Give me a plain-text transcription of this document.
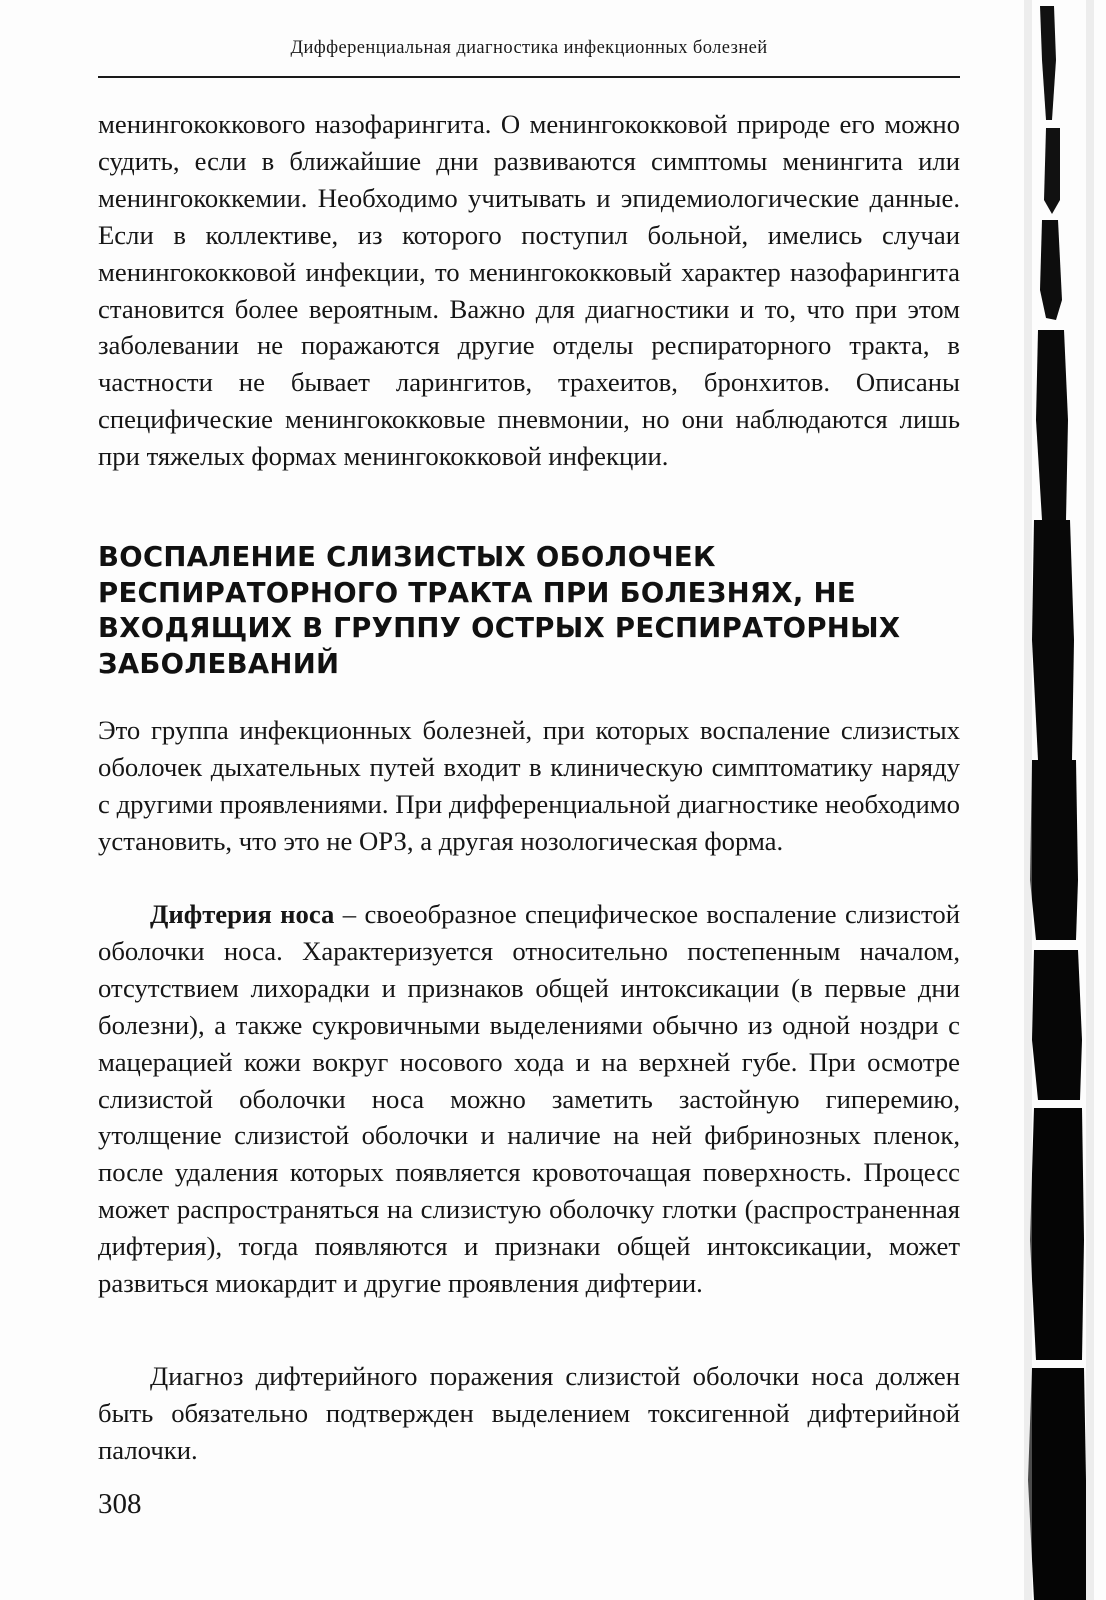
Дифференциальная диагностика инфекционных болезней

менингококкового назофарингита. О менингококковой природе его можно судить, если в ближайшие дни развиваются симптомы менингита или менингококкемии. Необходимо учитывать и эпидемиологические данные. Если в коллективе, из которого поступил больной, имелись случаи менингококковой инфекции, то менингококковый характер назофарингита становится более вероятным. Важно для диагностики и то, что при этом заболевании не поражаются другие отделы респираторного тракта, в частности не бывает ларингитов, трахеитов, бронхитов. Описаны специфические менингококковые пневмонии, но они наблюдаются лишь при тяжелых формах менингококковой инфекции.

ВОСПАЛЕНИЕ СЛИЗИСТЫХ ОБОЛОЧЕК РЕСПИРАТОРНОГО ТРАКТА ПРИ БОЛЕЗНЯХ, НЕ ВХОДЯЩИХ В ГРУППУ ОСТРЫХ РЕСПИРАТОРНЫХ ЗАБОЛЕВАНИЙ

Это группа инфекционных болезней, при которых воспаление слизистых оболочек дыхательных путей входит в клиническую симптоматику наряду с другими проявлениями. При дифференциальной диагностике необходимо установить, что это не ОРЗ, а другая нозологическая форма.

Дифтерия носа – своеобразное специфическое воспаление слизистой оболочки носа. Характеризуется относительно постепенным началом, отсутствием лихорадки и признаков общей интоксикации (в первые дни болезни), а также сукровичными выделениями обычно из одной ноздри с мацерацией кожи вокруг носового хода и на верхней губе. При осмотре слизистой оболочки носа можно заметить застойную гиперемию, утолщение слизистой оболочки и наличие на ней фибринозных пленок, после удаления которых появляется кровоточащая поверхность. Процесс может распространяться на слизистую оболочку глотки (распространенная дифтерия), тогда появляются и признаки общей интоксикации, может развиться миокардит и другие проявления дифтерии.

Диагноз дифтерийного поражения слизистой оболочки носа должен быть обязательно подтвержден выделением токсигенной дифтерийной палочки.

308
